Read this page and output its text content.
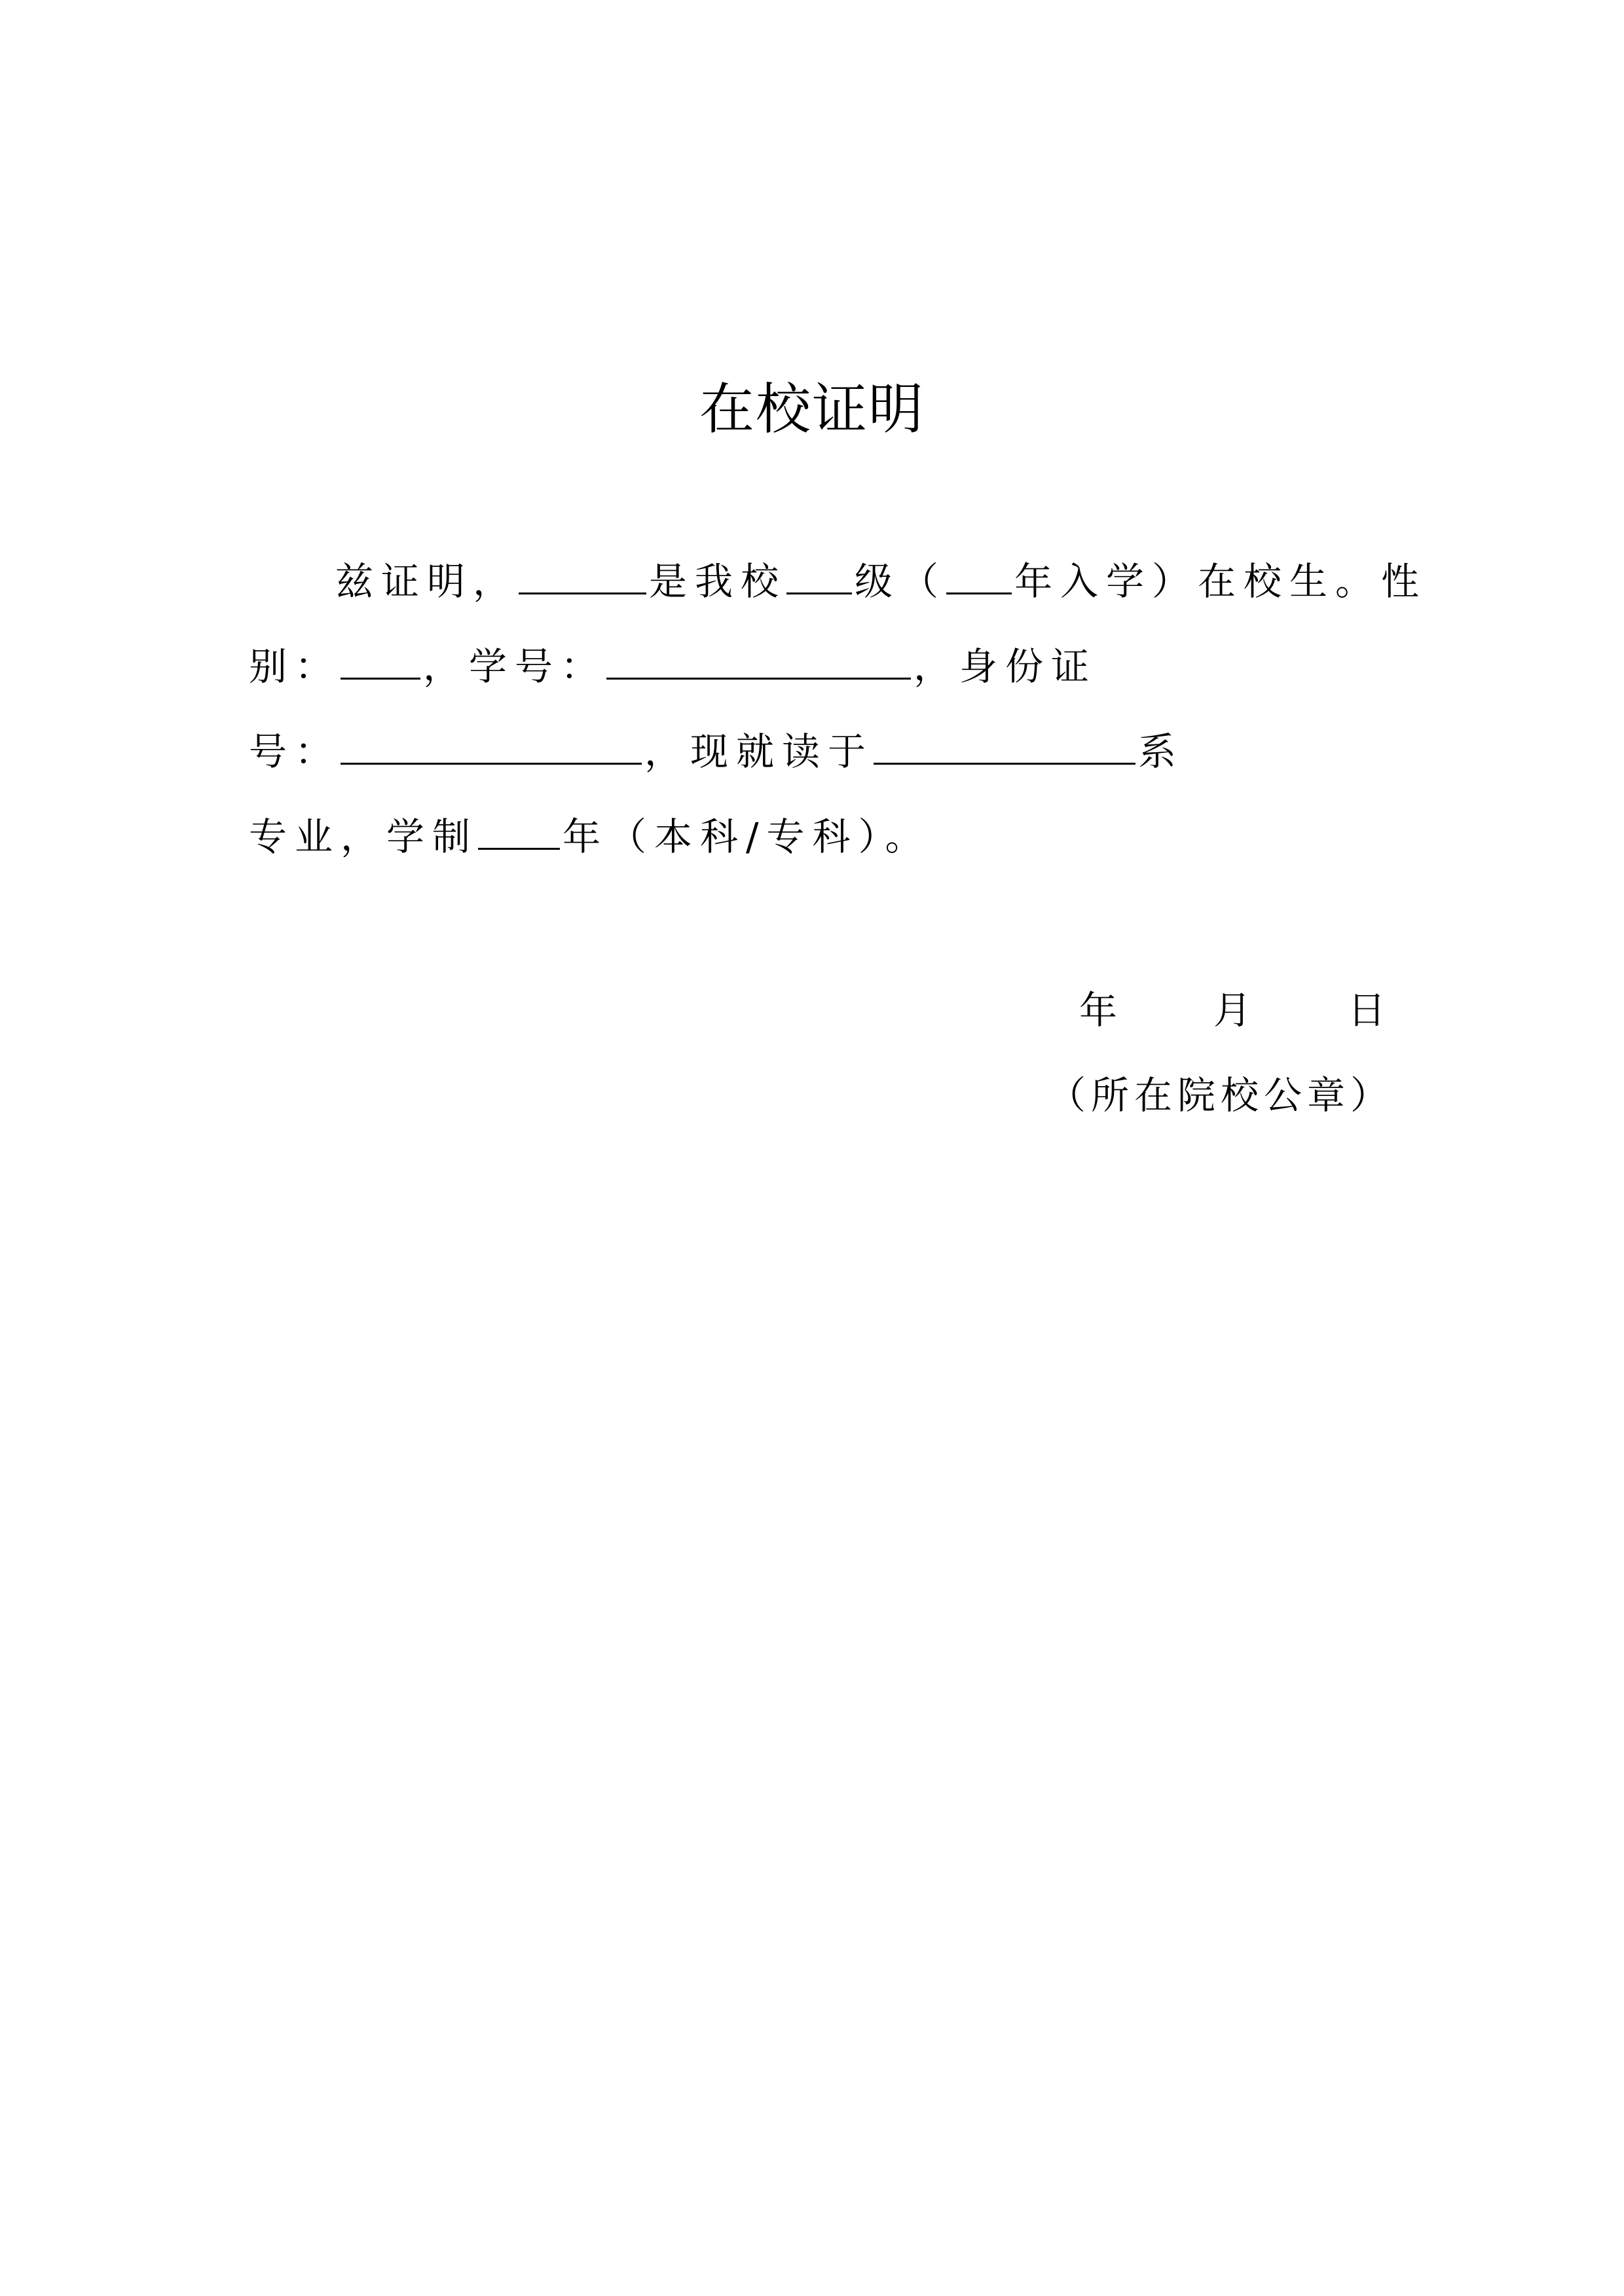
在校证明
兹证明，	是我校 级（ 年入学）在校生。性
别： ，学号：	，身份证
号：	，现就读于	系
专业，学制 年（本科/专科）。
年	月	日
（所在院校公章）
